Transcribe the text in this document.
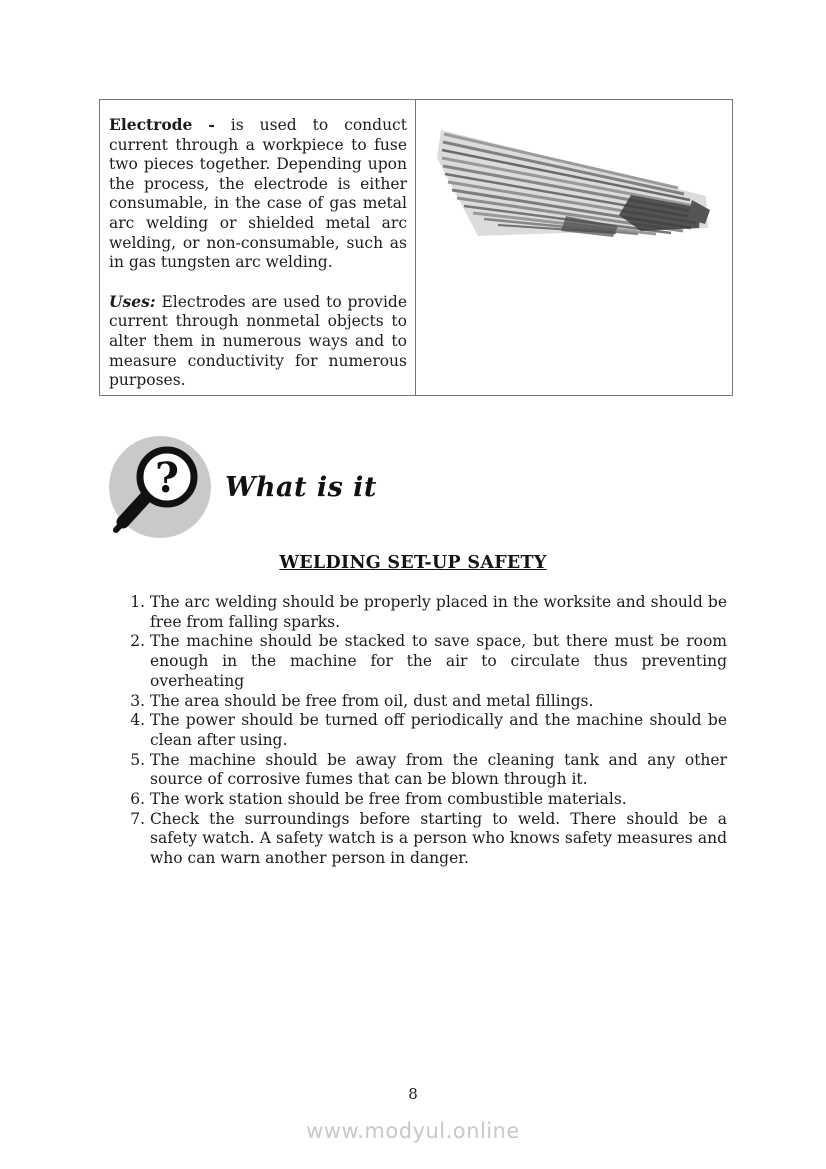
Electrode - is used to conduct current through a workpiece to fuse two pieces together. Depending upon the process, the electrode is either consumable, in the case of gas metal arc welding or shielded metal arc welding, or non-consumable, such as in gas tungsten arc welding.

Uses: Electrodes are used to provide current through nonmetal objects to alter them in numerous ways and to measure conductivity for numerous purposes.

? What is it
WELDING SET-UP SAFETY
1. The arc welding should be properly placed in the worksite and should be free from falling sparks.
2. The machine should be stacked to save space, but there must be room enough in the machine for the air to circulate thus preventing overheating
3. The area should be free from oil, dust and metal fillings.
4. The power should be turned off periodically and the machine should be clean after using.
5. The machine should be away from the cleaning tank and any other source of corrosive fumes that can be blown through it.
6. The work station should be free from combustible materials.
7. Check the surroundings before starting to weld. There should be a safety watch. A safety watch is a person who knows safety measures and who can warn another person in danger.
8
www.modyul.online
